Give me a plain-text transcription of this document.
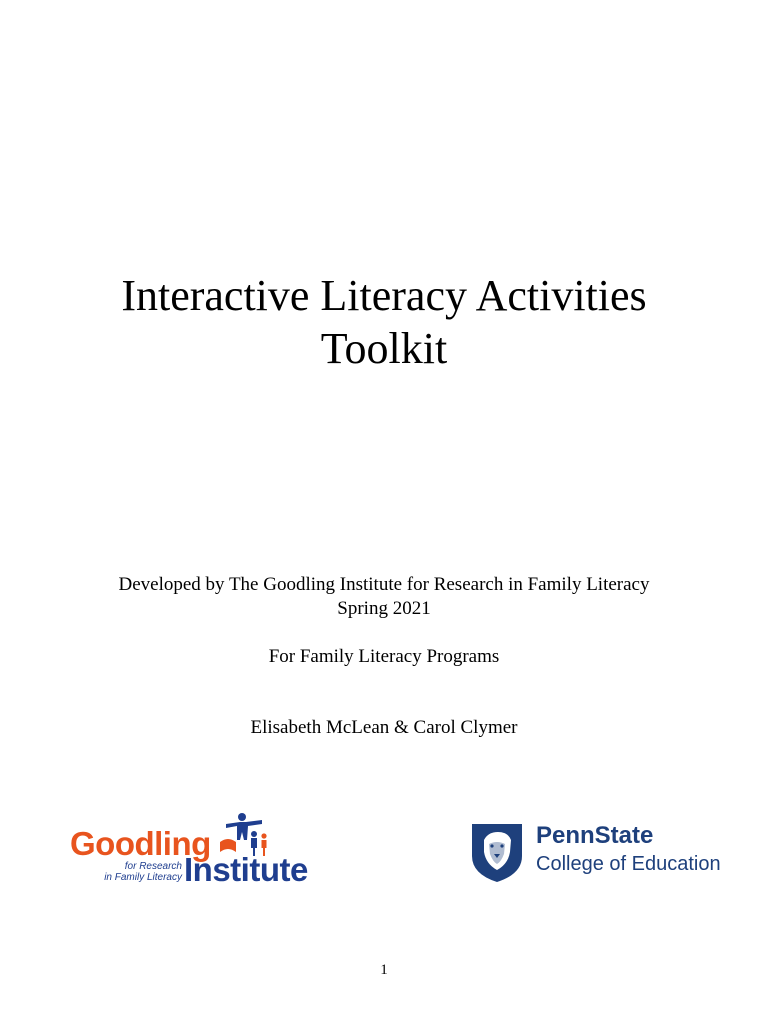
Interactive Literacy Activities
Toolkit
Developed by The Goodling Institute for Research in Family Literacy
Spring 2021
For Family Literacy Programs
Elisabeth McLean & Carol Clymer
Goodling
Institute
for Research
in Family Literacy
PennState
College of Education
1
